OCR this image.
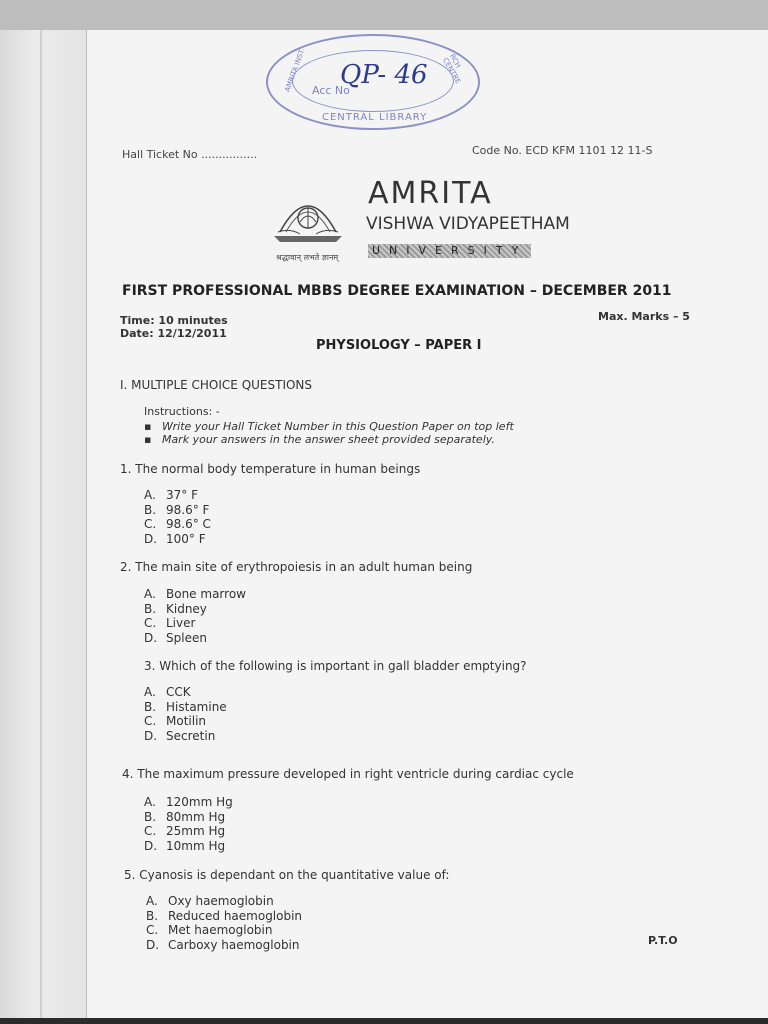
AMRITA INST.	RCH CENTRE
Acc No
CENTRAL LIBRARY
QP- 46
Hall Ticket No ................	Code No. ECD KFM 1101 12 11-S
श्रद्धावान् लभते ज्ञानम्
AMRITA
VISHWA VIDYAPEETHAM
UNIVERSITY
FIRST PROFESSIONAL MBBS DEGREE EXAMINATION – DECEMBER 2011
Time: 10 minutes
Date: 12/12/2011
Max. Marks – 5
PHYSIOLOGY – PAPER I
I. MULTIPLE CHOICE QUESTIONS
Instructions: -
▪   Write your Hall Ticket Number in this Question Paper on top left
▪   Mark your answers in the answer sheet provided separately.
1. The normal body temperature in human beings
A. 37° F
B. 98.6° F
C. 98.6° C
D. 100° F
2. The main site of erythropoiesis in an adult human being
A. Bone marrow
B. Kidney
C. Liver
D. Spleen
3. Which of the following is important in gall bladder emptying?
A. CCK
B. Histamine
C. Motilin
D. Secretin
4. The maximum pressure developed in right ventricle during cardiac cycle
A. 120mm Hg
B. 80mm Hg
C. 25mm Hg
D. 10mm Hg
5. Cyanosis is dependant on the quantitative value of:
A. Oxy haemoglobin
B. Reduced haemoglobin
C. Met haemoglobin
D. Carboxy haemoglobin	P.T.O
